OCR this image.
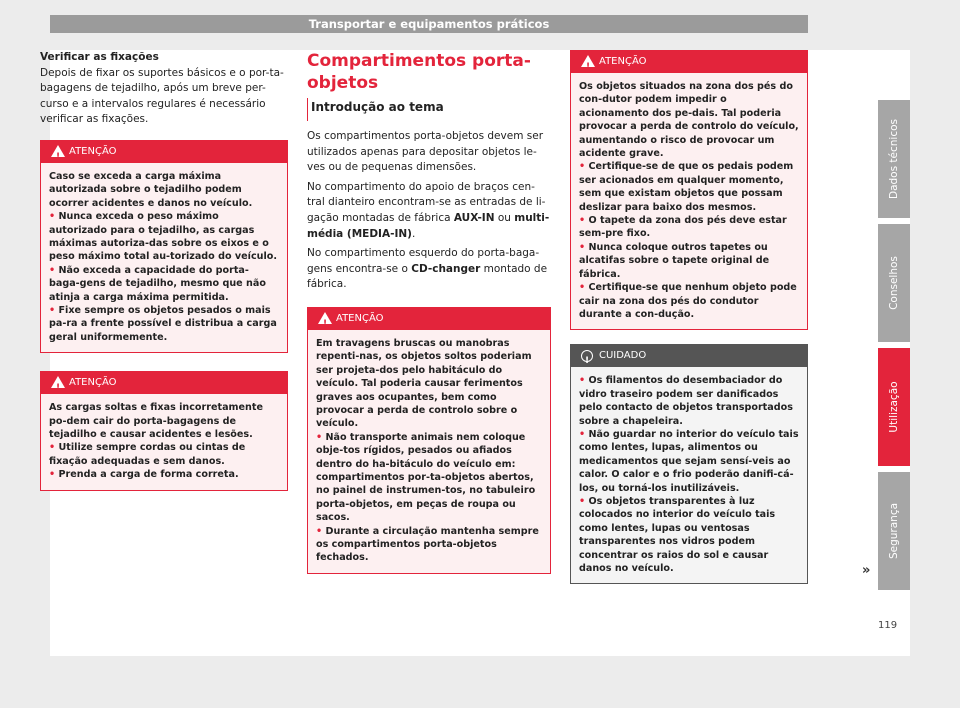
Transportar e equipamentos práticos
Verificar as fixações

Depois de fixar os suportes básicos e o por-ta-bagagens de tejadilho, após um breve per-curso e a intervalos regulares é necessário verificar as fixações.

!
ATENÇÃO
Caso se exceda a carga máxima autorizada sobre o tejadilho podem ocorrer acidentes e danos no veículo.
• Nunca exceda o peso máximo autorizado para o tejadilho, as cargas máximas autoriza-das sobre os eixos e o peso máximo total au-torizado do veículo.
• Não exceda a capacidade do porta-baga-gens de tejadilho, mesmo que não atinja a carga máxima permitida.
• Fixe sempre os objetos pesados o mais pa-ra a frente possível e distribua a carga geral uniformemente.
!
ATENÇÃO
As cargas soltas e fixas incorretamente po-dem cair do porta-bagagens de tejadilho e causar acidentes e lesões.
• Utilize sempre cordas ou cintas de fixação adequadas e sem danos.
• Prenda a carga de forma correta.
Compartimentos porta-objetos
Introdução ao tema

Os compartimentos porta-objetos devem ser utilizados apenas para depositar objetos le-ves ou de pequenas dimensões.

No compartimento do apoio de braços cen-tral dianteiro encontram-se as entradas de li-gação montadas de fábrica AUX-IN ou multi-média (MEDIA-IN).

No compartimento esquerdo do porta-baga-gens encontra-se o CD-changer montado de fábrica.

!
ATENÇÃO
Em travagens bruscas ou manobras repenti-nas, os objetos soltos poderiam ser projeta-dos pelo habitáculo do veículo. Tal poderia causar ferimentos graves aos ocupantes, bem como provocar a perda de controlo sobre o veículo.
• Não transporte animais nem coloque obje-tos rígidos, pesados ou afiados dentro do ha-bitáculo do veículo em: compartimentos por-ta-objetos abertos, no painel de instrumen-tos, no tabuleiro porta-objetos, em peças de roupa ou sacos.
• Durante a circulação mantenha sempre os compartimentos porta-objetos fechados.
!
ATENÇÃO
Os objetos situados na zona dos pés do con-dutor podem impedir o acionamento dos pe-dais. Tal poderia provocar a perda de controlo do veículo, aumentando o risco de provocar um acidente grave.
• Certifique-se de que os pedais podem ser acionados em qualquer momento, sem que existam objetos que possam deslizar para baixo dos mesmos.
• O tapete da zona dos pés deve estar sem-pre fixo.
• Nunca coloque outros tapetes ou alcatifas sobre o tapete original de fábrica.
• Certifique-se que nenhum objeto pode cair na zona dos pés do condutor durante a con-dução.
!
CUIDADO
• Os filamentos do desembaciador do vidro traseiro podem ser danificados pelo contacto de objetos transportados sobre a chapeleira.
• Não guardar no interior do veículo tais como lentes, lupas, alimentos ou medicamentos que sejam sensí-veis ao calor. O calor e o frio poderão danifi-cá-los, ou torná-los inutilizáveis.
• Os objetos transparentes à luz colocados no interior do veículo tais como lentes, lupas ou ventosas transparentes nos vidros podem concentrar os raios do sol e causar danos no veículo.	»
Dados técnicos
Conselhos
Utilização
Segurança
119
